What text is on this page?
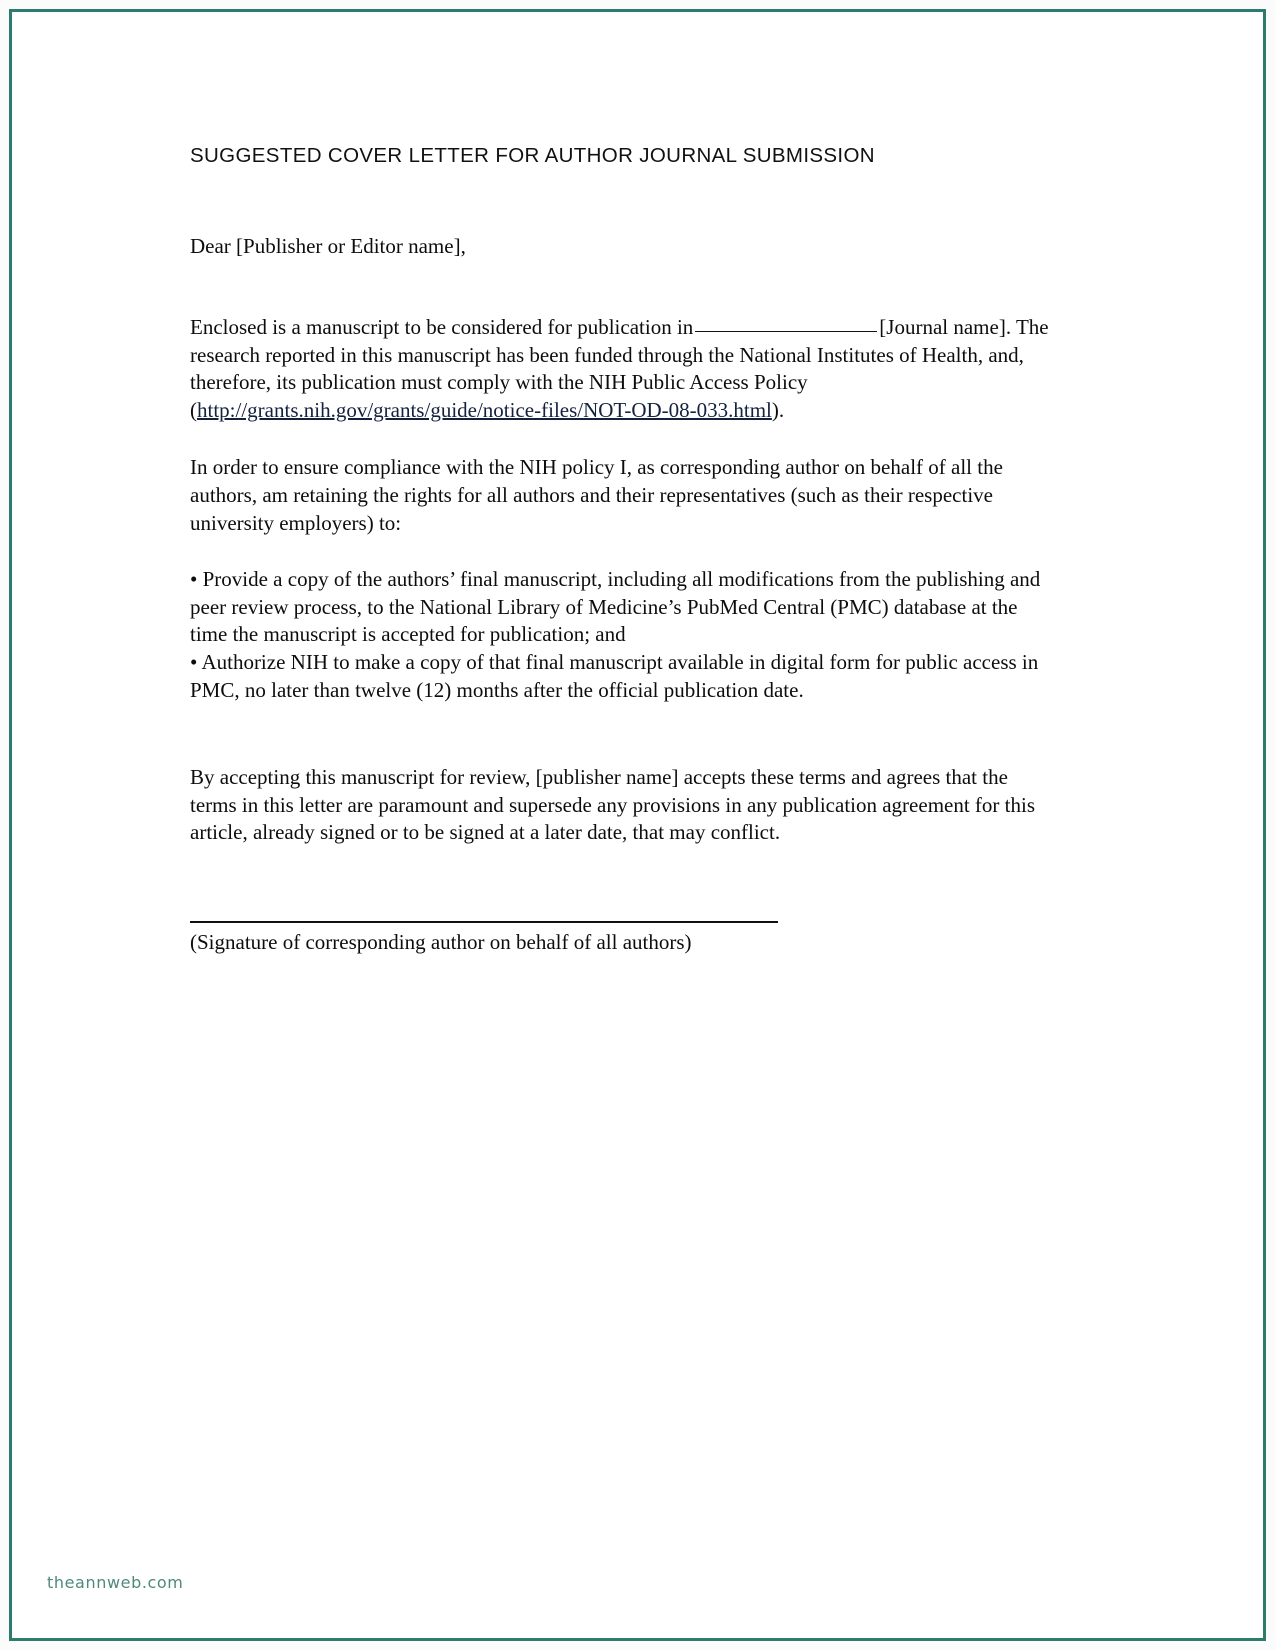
SUGGESTED COVER LETTER FOR AUTHOR JOURNAL SUBMISSION

Dear [Publisher or Editor name],

Enclosed is a manuscript to be considered for publication in	[Journal name]. The research reported in this manuscript has been funded through the National Institutes of Health, and, therefore, its publication must comply with the NIH Public Access Policy (http://grants.nih.gov/grants/guide/notice-files/NOT-OD-08-033.html).

In order to ensure compliance with the NIH policy I, as corresponding author on behalf of all the authors, am retaining the rights for all authors and their representatives (such as their respective university employers) to:

• Provide a copy of the authors’ final manuscript, including all modifications from the publishing and peer review process, to the National Library of Medicine’s PubMed Central (PMC) database at the time the manuscript is accepted for publication; and
• Authorize NIH to make a copy of that final manuscript available in digital form for public access in PMC, no later than twelve (12) months after the official publication date.

By accepting this manuscript for review, [publisher name] accepts these terms and agrees that the terms in this letter are paramount and supersede any provisions in any publication agreement for this article, already signed or to be signed at a later date, that may conflict.

(Signature of corresponding author on behalf of all authors)

theannweb.com
